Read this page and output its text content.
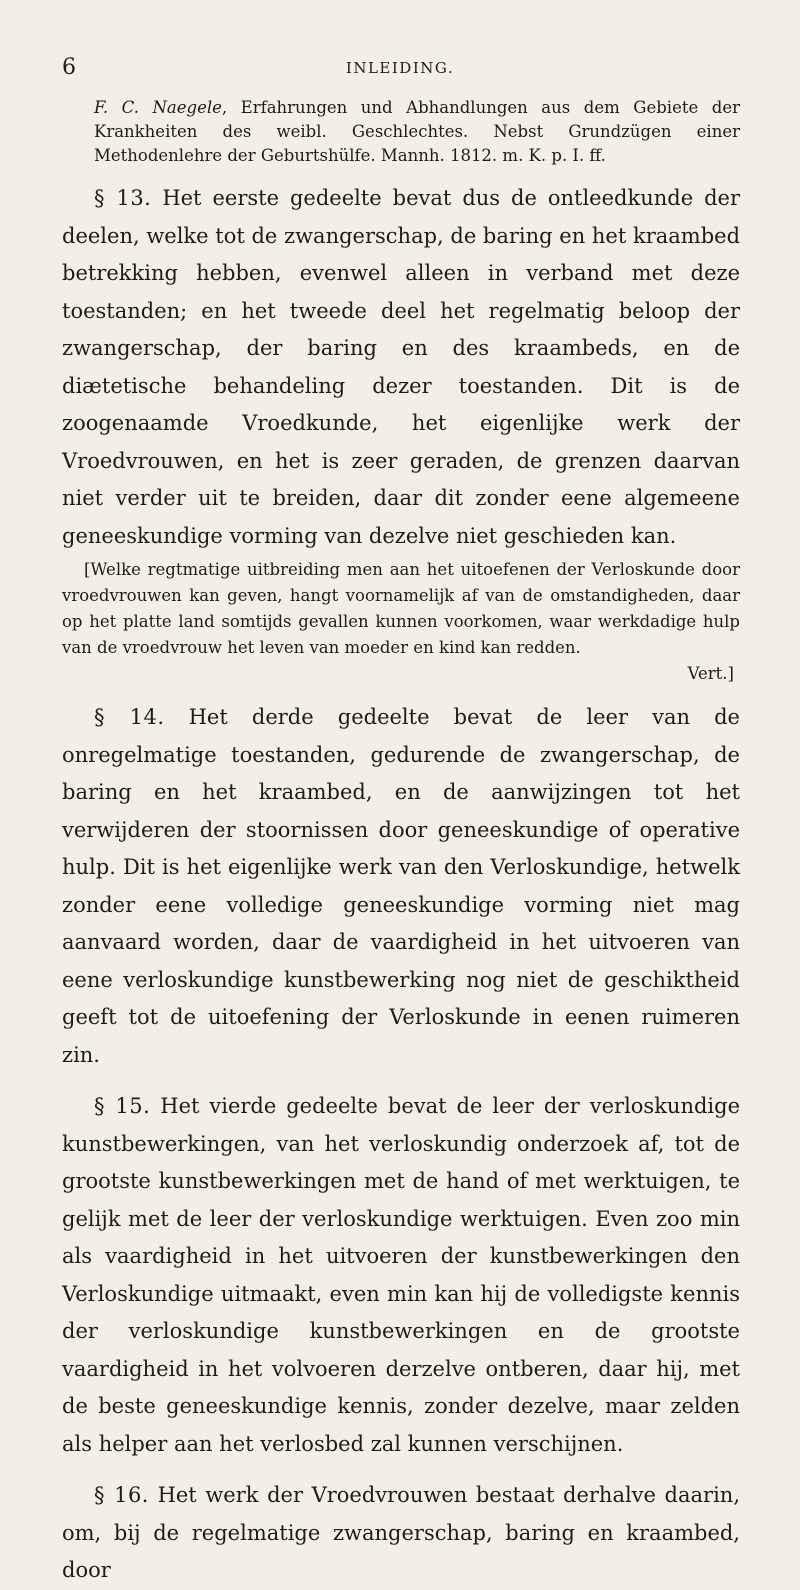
6	INLEIDING.

F. C. Naegele, Erfahrungen und Abhandlungen aus dem Gebiete der Krankheiten des weibl. Geschlechtes. Nebst Grundzügen einer Methodenlehre der Geburtshülfe. Mannh. 1812. m. K. p. I. ff.

§ 13. Het eerste gedeelte bevat dus de ontleedkunde der deelen, welke tot de zwangerschap, de baring en het kraambed betrekking hebben, evenwel alleen in verband met deze toestanden; en het tweede deel het regelmatig beloop der zwangerschap, der baring en des kraambeds, en de diætetische behandeling dezer toestanden. Dit is de zoogenaamde Vroedkunde, het eigenlijke werk der Vroedvrouwen, en het is zeer geraden, de grenzen daarvan niet verder uit te breiden, daar dit zonder eene algemeene geneeskundige vorming van dezelve niet geschieden kan.

[Welke regtmatige uitbreiding men aan het uitoefenen der Verloskunde door vroedvrouwen kan geven, hangt voornamelijk af van de omstandigheden, daar op het platte land somtijds gevallen kunnen voorkomen, waar werkdadige hulp van de vroedvrouw het leven van moeder en kind kan redden.

Vert.]

§ 14. Het derde gedeelte bevat de leer van de onregelmatige toestanden, gedurende de zwangerschap, de baring en het kraambed, en de aanwijzingen tot het verwijderen der stoornissen door geneeskundige of operative hulp. Dit is het eigenlijke werk van den Verloskundige, hetwelk zonder eene volledige geneeskundige vorming niet mag aanvaard worden, daar de vaardigheid in het uitvoeren van eene verloskundige kunstbewerking nog niet de geschiktheid geeft tot de uitoefening der Verloskunde in eenen ruimeren zin.

§ 15. Het vierde gedeelte bevat de leer der verloskundige kunstbewerkingen, van het verloskundig onderzoek af, tot de grootste kunstbewerkingen met de hand of met werktuigen, te gelijk met de leer der verloskundige werktuigen. Even zoo min als vaardigheid in het uitvoeren der kunstbewerkingen den Verloskundige uitmaakt, even min kan hij de volledigste kennis der verloskundige kunstbewerkingen en de grootste vaardigheid in het volvoeren derzelve ontberen, daar hij, met de beste geneeskundige kennis, zonder dezelve, maar zelden als helper aan het verlosbed zal kunnen verschijnen.

§ 16. Het werk der Vroedvrouwen bestaat derhalve daarin, om, bij de regelmatige zwangerschap, baring en kraambed, door
